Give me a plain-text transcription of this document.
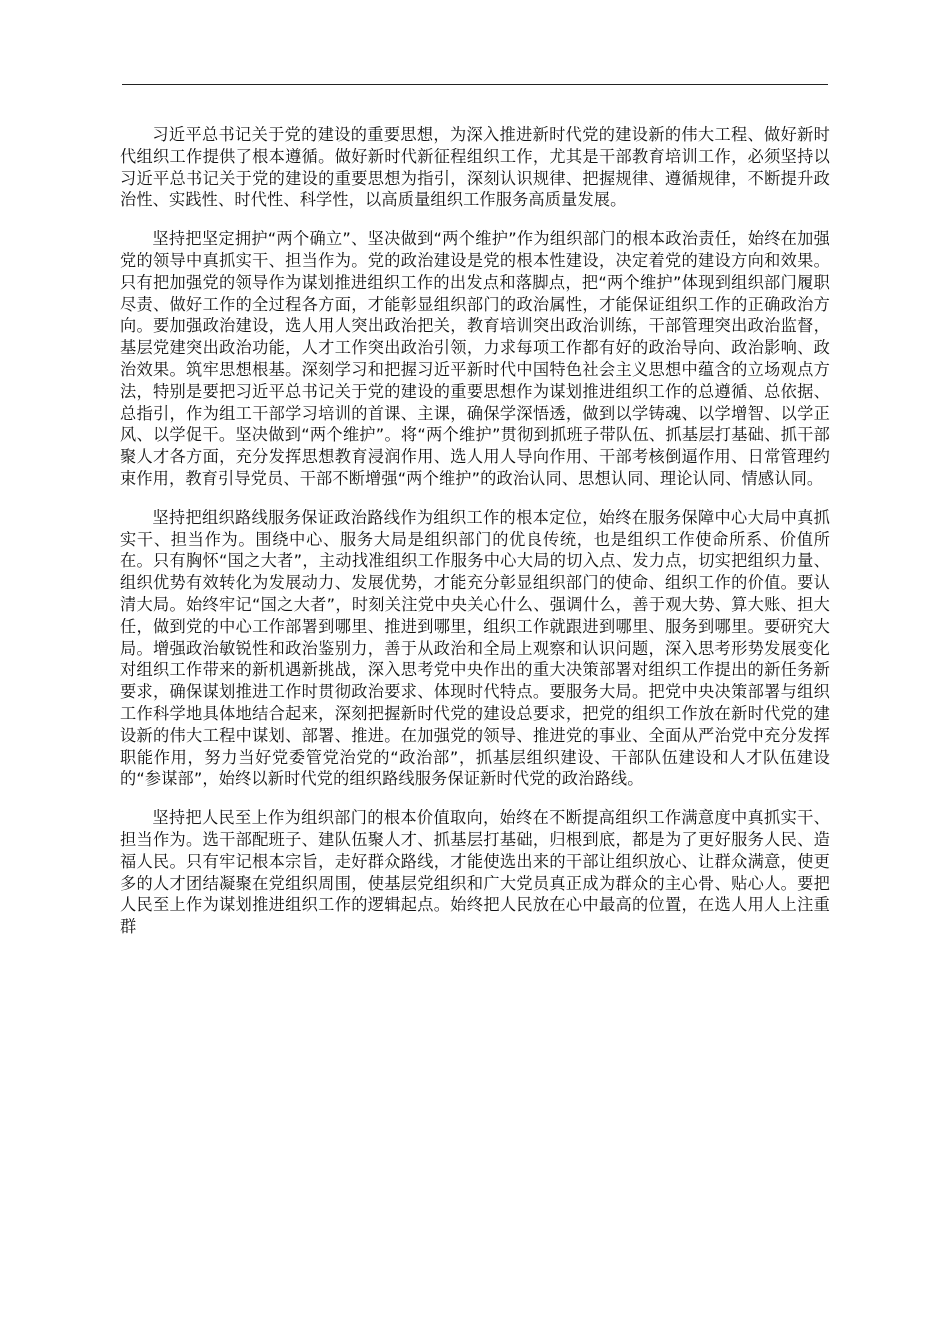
习近平总书记关于党的建设的重要思想，为深入推进新时代党的建设新的伟大工程、做好新时代组织工作提供了根本遵循。做好新时代新征程组织工作，尤其是干部教育培训工作，必须坚持以习近平总书记关于党的建设的重要思想为指引，深刻认识规律、把握规律、遵循规律，不断提升政治性、实践性、时代性、科学性，以高质量组织工作服务高质量发展。

坚持把坚定拥护“两个确立”、坚决做到“两个维护”作为组织部门的根本政治责任，始终在加强党的领导中真抓实干、担当作为。党的政治建设是党的根本性建设，决定着党的建设方向和效果。只有把加强党的领导作为谋划推进组织工作的出发点和落脚点，把“两个维护”体现到组织部门履职尽责、做好工作的全过程各方面，才能彰显组织部门的政治属性，才能保证组织工作的正确政治方向。要加强政治建设，选人用人突出政治把关，教育培训突出政治训练，干部管理突出政治监督，基层党建突出政治功能，人才工作突出政治引领，力求每项工作都有好的政治导向、政治影响、政治效果。筑牢思想根基。深刻学习和把握习近平新时代中国特色社会主义思想中蕴含的立场观点方法，特别是要把习近平总书记关于党的建设的重要思想作为谋划推进组织工作的总遵循、总依据、总指引，作为组工干部学习培训的首课、主课，确保学深悟透，做到以学铸魂、以学增智、以学正风、以学促干。坚决做到“两个维护”。将“两个维护”贯彻到抓班子带队伍、抓基层打基础、抓干部聚人才各方面，充分发挥思想教育浸润作用、选人用人导向作用、干部考核倒逼作用、日常管理约束作用，教育引导党员、干部不断增强“两个维护”的政治认同、思想认同、理论认同、情感认同。

坚持把组织路线服务保证政治路线作为组织工作的根本定位，始终在服务保障中心大局中真抓实干、担当作为。围绕中心、服务大局是组织部门的优良传统，也是组织工作使命所系、价值所在。只有胸怀“国之大者”，主动找准组织工作服务中心大局的切入点、发力点，切实把组织力量、组织优势有效转化为发展动力、发展优势，才能充分彰显组织部门的使命、组织工作的价值。要认清大局。始终牢记“国之大者”，时刻关注党中央关心什么、强调什么，善于观大势、算大账、担大任，做到党的中心工作部署到哪里、推进到哪里，组织工作就跟进到哪里、服务到哪里。要研究大局。增强政治敏锐性和政治鉴别力，善于从政治和全局上观察和认识问题，深入思考形势发展变化对组织工作带来的新机遇新挑战，深入思考党中央作出的重大决策部署对组织工作提出的新任务新要求，确保谋划推进工作时贯彻政治要求、体现时代特点。要服务大局。把党中央决策部署与组织工作科学地具体地结合起来，深刻把握新时代党的建设总要求，把党的组织工作放在新时代党的建设新的伟大工程中谋划、部署、推进。在加强党的领导、推进党的事业、全面从严治党中充分发挥职能作用，努力当好党委管党治党的“政治部”，抓基层组织建设、干部队伍建设和人才队伍建设的“参谋部”，始终以新时代党的组织路线服务保证新时代党的政治路线。

坚持把人民至上作为组织部门的根本价值取向，始终在不断提高组织工作满意度中真抓实干、担当作为。选干部配班子、建队伍聚人才、抓基层打基础，归根到底，都是为了更好服务人民、造福人民。只有牢记根本宗旨，走好群众路线，才能使选出来的干部让组织放心、让群众满意，使更多的人才团结凝聚在党组织周围，使基层党组织和广大党员真正成为群众的主心骨、贴心人。要把人民至上作为谋划推进组织工作的逻辑起点。始终把人民放在心中最高的位置，在选人用人上注重群
